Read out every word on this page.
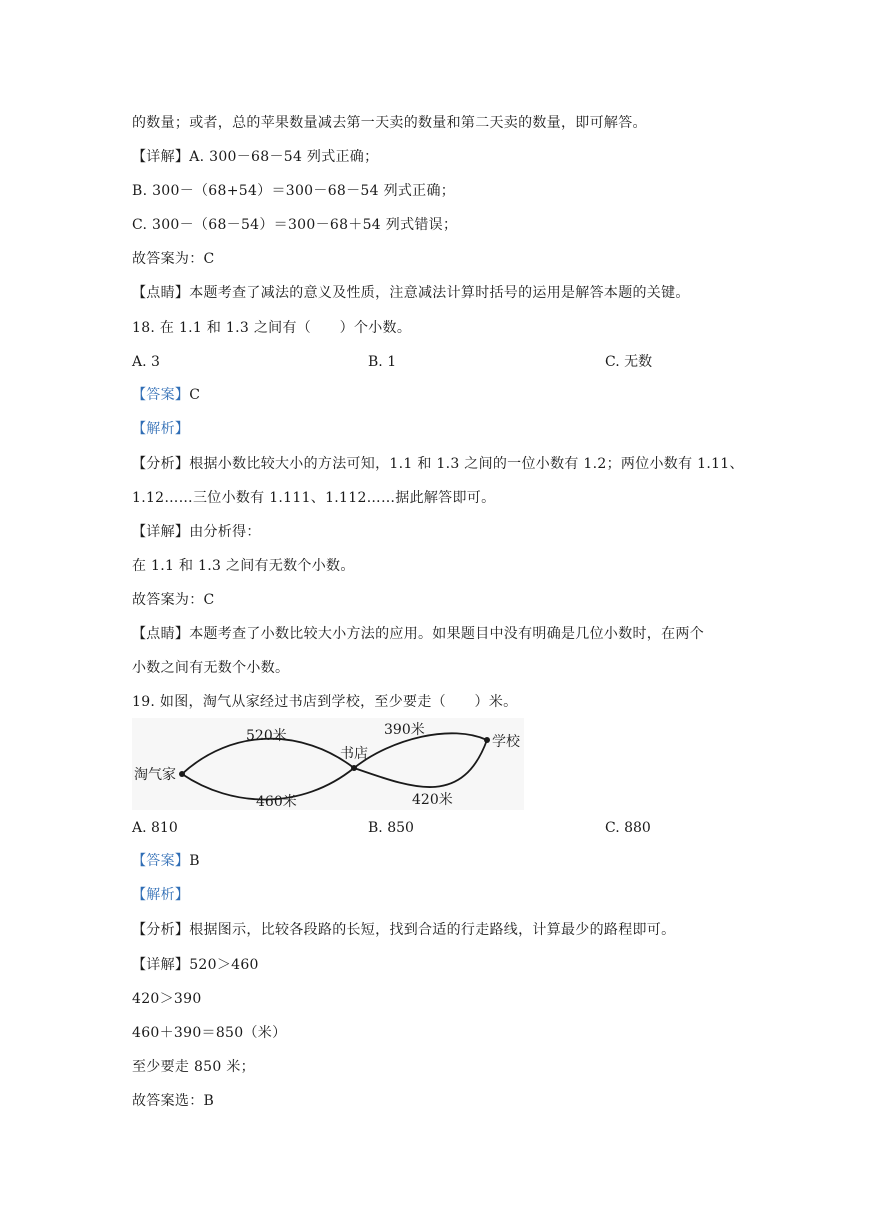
的数量；或者，总的苹果数量减去第一天卖的数量和第二天卖的数量，即可解答。
【详解】A. 300－68－54 列式正确；
B. 300－（68+54）＝300－68－54 列式正确；
C. 300－（68－54）＝300－68＋54 列式错误；
故答案为：C
【点睛】本题考查了减法的意义及性质，注意减法计算时括号的运用是解答本题的关键。
18. 在 1.1 和 1.3 之间有（　　）个小数。
A. 3	B. 1	C. 无数
【答案】C
【解析】
【分析】根据小数比较大小的方法可知，1.1 和 1.3 之间的一位小数有 1.2；两位小数有 1.11、
1.12……三位小数有 1.111、1.112……据此解答即可。
【详解】由分析得：
在 1.1 和 1.3 之间有无数个小数。
故答案为：C
【点睛】本题考查了小数比较大小方法的应用。如果题目中没有明确是几位小数时，在两个
小数之间有无数个小数。
19. 如图，淘气从家经过书店到学校，至少要走（　　）米。
淘气家
书店
学校
520米
460米
390米
420米
A. 810	B. 850	C. 880
【答案】B
【解析】
【分析】根据图示，比较各段路的长短，找到合适的行走路线，计算最少的路程即可。
【详解】520＞460
420＞390
460＋390＝850（米）
至少要走 850 米；
故答案选：B
